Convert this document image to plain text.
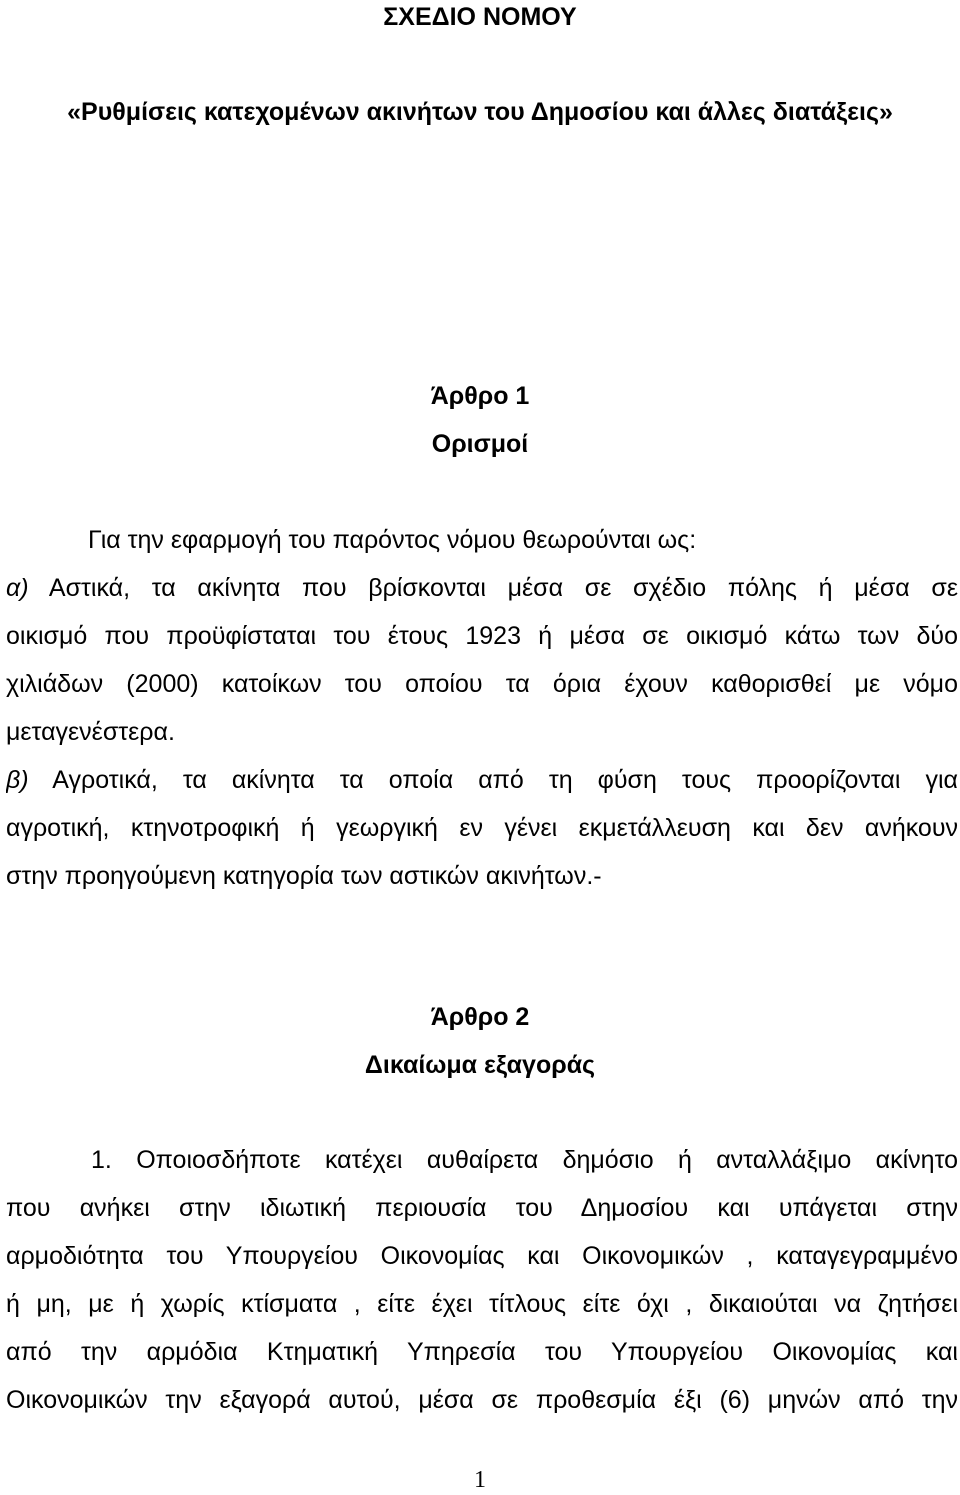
ΣΧΕΔΙΟ ΝΟΜΟΥ
«Ρυθμίσεις κατεχομένων ακινήτων του Δημοσίου και άλλες διατάξεις»
Άρθρο 1
Ορισμοί
Για την εφαρμογή του παρόντος νόμου θεωρούνται ως:
α) Αστικά, τα ακίνητα που βρίσκονται μέσα σε σχέδιο πόλης ή μέσα σε
οικισμό που προϋφίσταται του έτους 1923 ή μέσα σε οικισμό κάτω των δύο
χιλιάδων (2000) κατοίκων του οποίου τα όρια έχουν καθορισθεί με νόμο
μεταγενέστερα.
β) Αγροτικά, τα ακίνητα τα οποία από τη φύση τους προορίζονται για
αγροτική, κτηνοτροφική ή γεωργική εν γένει εκμετάλλευση και δεν ανήκουν
στην προηγούμενη κατηγορία των αστικών ακινήτων.-
Άρθρο 2
Δικαίωμα εξαγοράς
1. Οποιοσδήποτε κατέχει αυθαίρετα δημόσιο ή ανταλλάξιμο ακίνητο
που ανήκει στην ιδιωτική περιουσία του Δημοσίου και υπάγεται στην
αρμοδιότητα του Υπουργείου Οικονομίας και Οικονομικών , καταγεγραμμένο
ή μη, με ή χωρίς κτίσματα , είτε έχει τίτλους είτε όχι , δικαιούται να ζητήσει
από την αρμόδια Κτηματική Υπηρεσία του Υπουργείου Οικονομίας και
Οικονομικών την εξαγορά αυτού, μέσα σε προθεσμία έξι (6) μηνών από την
1
